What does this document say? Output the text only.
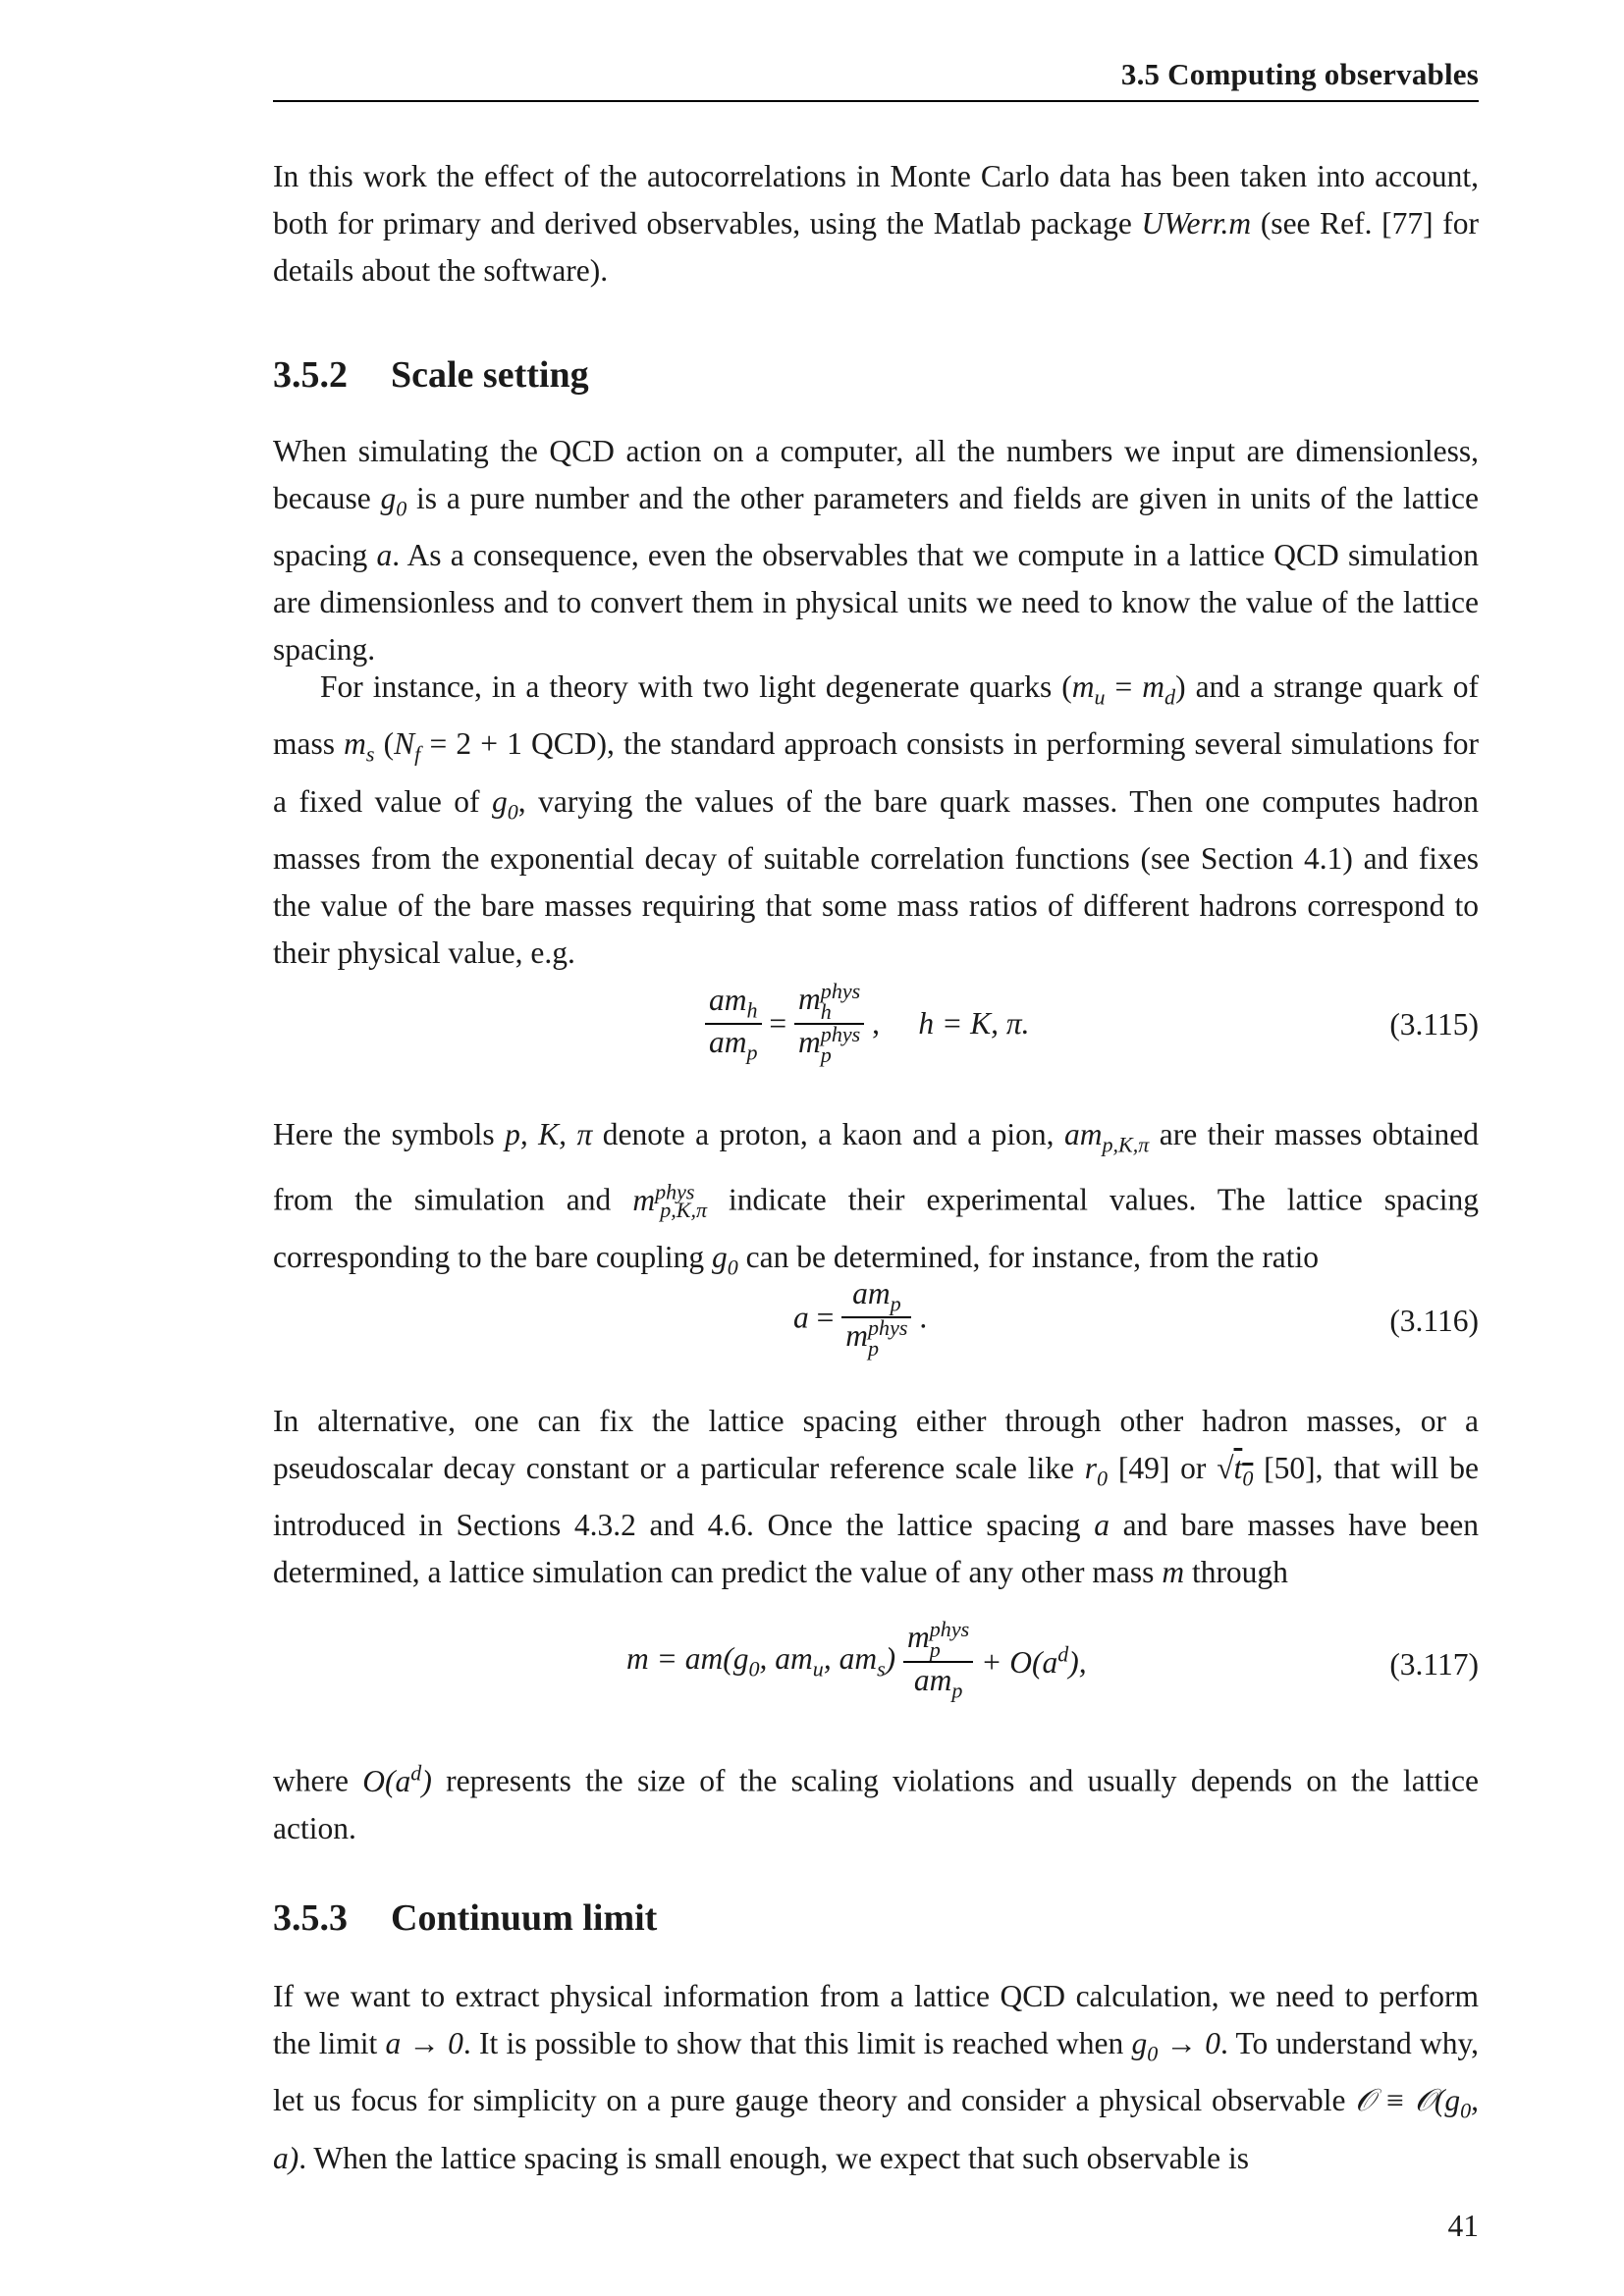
3.5 Computing observables
In this work the effect of the autocorrelations in Monte Carlo data has been taken into account, both for primary and derived observables, using the Matlab package UWerr.m (see Ref. [77] for details about the software).
3.5.2 Scale setting
When simulating the QCD action on a computer, all the numbers we input are dimensionless, because $g_0$ is a pure number and the other parameters and fields are given in units of the lattice spacing a. As a consequence, even the observables that we compute in a lattice QCD simulation are dimensionless and to convert them in physical units we need to know the value of the lattice spacing.
For instance, in a theory with two light degenerate quarks $(m_u = m_d)$ and a strange quark of mass $m_s$ ($N_f = 2 + 1$ QCD), the standard approach consists in performing several simulations for a fixed value of $g_0$, varying the values of the bare quark masses. Then one computes hadron masses from the exponential decay of suitable correlation functions (see Section 4.1) and fixes the value of the bare masses requiring that some mass ratios of different hadrons correspond to their physical value, e.g.
$\frac{am_h}{am_p} = m$ phys
h
m phys
p ,     h = K, π.	(3.115)
Here the symbols p, K, π denote a proton, a kaon and a pion, $am_{p,K,\pi}$ are their masses obtained from the simulation and $m^{phys}_{p,K,\pi}$ indicate their experimental values. The lattice spacing corresponding to the bare coupling $g_0$ can be determined, for instance, from the ratio
$a = am_p$
m phys
p .	(3.116)
In alternative, one can fix the lattice spacing either through other hadron masses, or a pseudoscalar decay constant or a particular reference scale like $r_0$ [49] or $√t_0$ [50], that will be introduced in Sections 4.3.2 and 4.6. Once the lattice spacing a and bare masses have been determined, a lattice simulation can predict the value of any other mass m through
$m = am(g_0$, $am_u$, $am_s$) m phys
p
$am_p + O(a^d)$,	(3.117)
where $O(a^d)$ represents the size of the scaling violations and usually depends on the lattice action.
3.5.3 Continuum limit
If we want to extract physical information from a lattice QCD calculation, we need to perform the limit a → 0. It is possible to show that this limit is reached when $g_0 \to 0$. To understand why, let us focus for simplicity on a pure gauge theory and consider a physical observable 𝒪 ≡ $𝒪(g_0$, a). When the lattice spacing is small enough, we expect that such observable is
41
